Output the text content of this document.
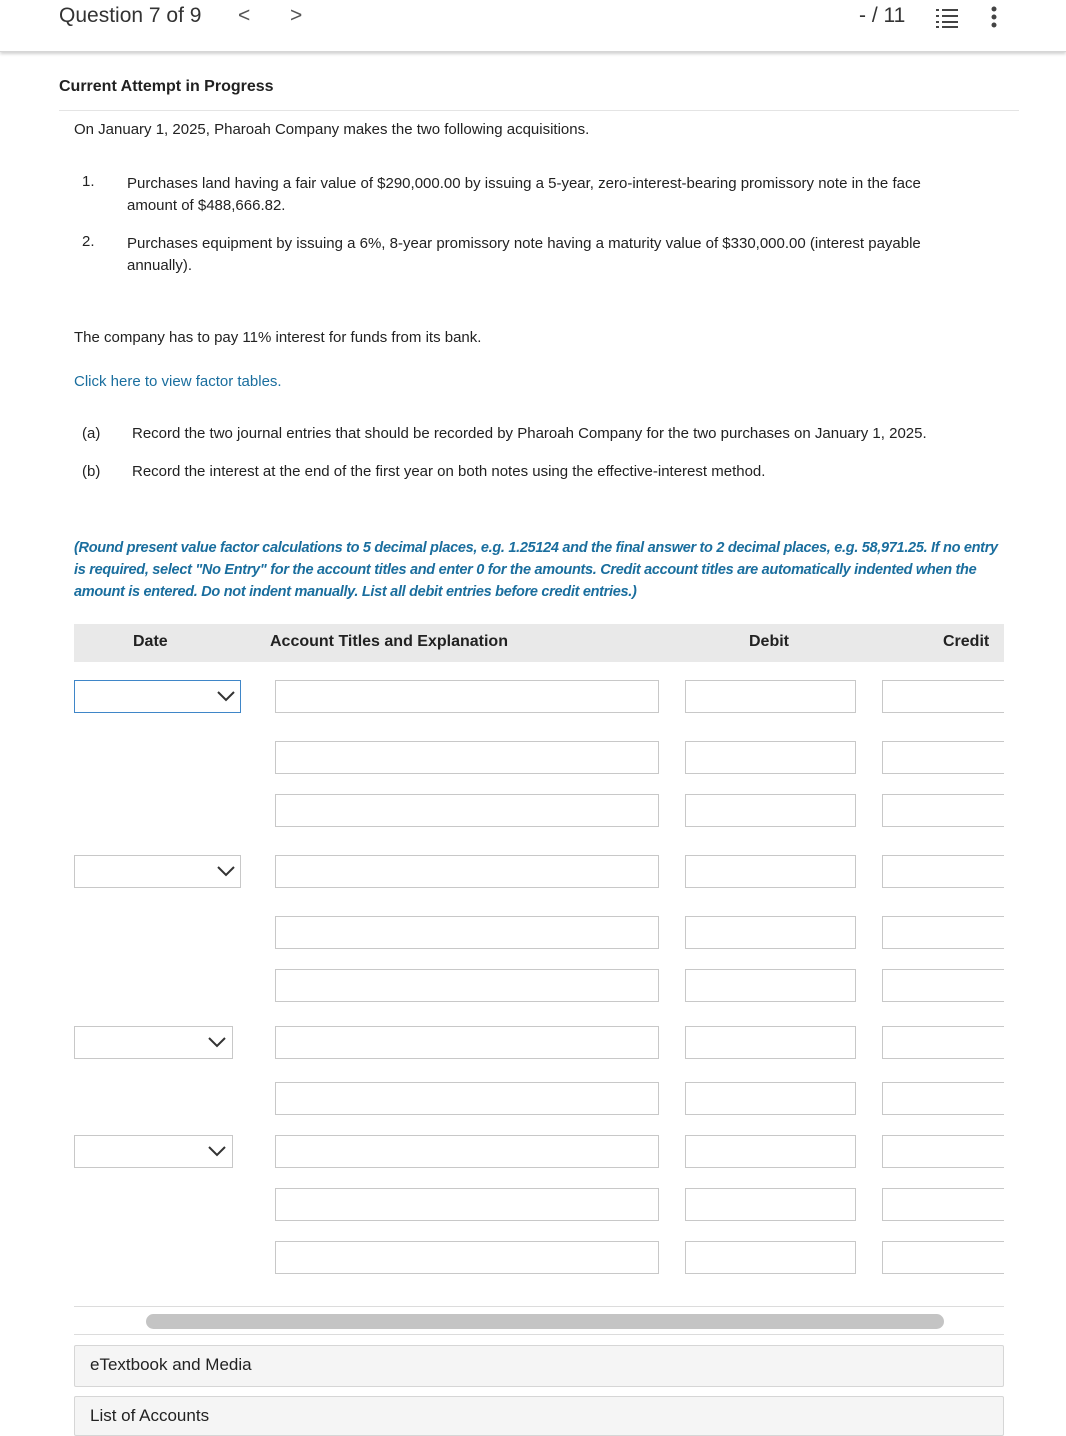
Question 7 of 9 < >	- / 11
Current Attempt in Progress
On January 1, 2025, Pharoah Company makes the two following acquisitions.
1. Purchases land having a fair value of $290,000.00 by issuing a 5-year, zero-interest-bearing promissory note in the face amount of $488,666.82.
2. Purchases equipment by issuing a 6%, 8-year promissory note having a maturity value of $330,000.00 (interest payable annually).
The company has to pay 11% interest for funds from its bank.
Click here to view factor tables.
(a) Record the two journal entries that should be recorded by Pharoah Company for the two purchases on January 1, 2025.
(b) Record the interest at the end of the first year on both notes using the effective-interest method.
(Round present value factor calculations to 5 decimal places, e.g. 1.25124 and the final answer to 2 decimal places, e.g. 58,971.25. If no entry is required, select "No Entry" for the account titles and enter 0 for the amounts. Credit account titles are automatically indented when the amount is entered. Do not indent manually. List all debit entries before credit entries.)
Date	Account Titles and Explanation	Debit	Credit
eTextbook and Media
List of Accounts
